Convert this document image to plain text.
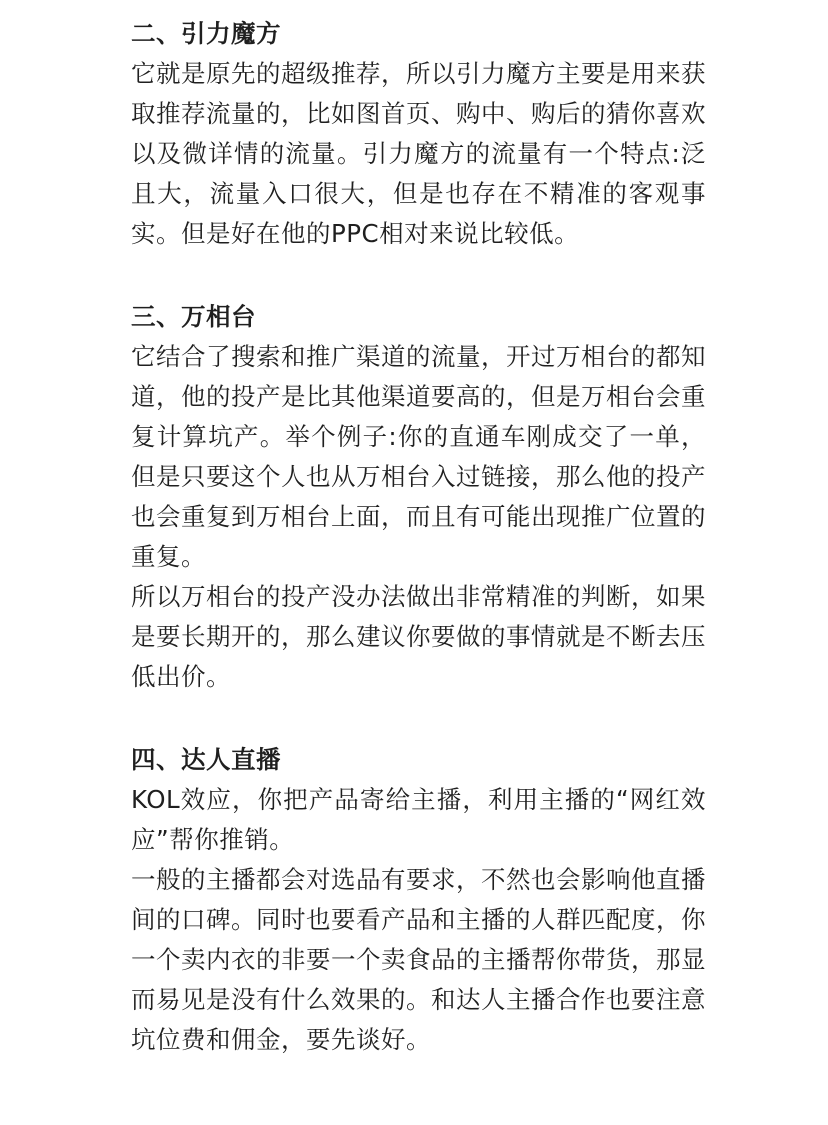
二、引力魔方

它就是原先的超级推荐，所以引力魔方主要是用来获取推荐流量的，比如图首页、购中、购后的猜你喜欢以及微详情的流量。引力魔方的流量有一个特点:泛且大，流量入口很大，但是也存在不精准的客观事实。但是好在他的PPC相对来说比较低。

三、万相台

它结合了搜索和推广渠道的流量，开过万相台的都知道，他的投产是比其他渠道要高的，但是万相台会重复计算坑产。举个例子:你的直通车刚成交了一单，但是只要这个人也从万相台入过链接，那么他的投产也会重复到万相台上面，而且有可能出现推广位置的重复。

所以万相台的投产没办法做出非常精准的判断，如果是要长期开的，那么建议你要做的事情就是不断去压低出价。

四、达人直播

KOL效应，你把产品寄给主播，利用主播的“网红效应”帮你推销。

一般的主播都会对选品有要求，不然也会影响他直播间的口碑。同时也要看产品和主播的人群匹配度，你一个卖内衣的非要一个卖食品的主播帮你带货，那显而易见是没有什么效果的。和达人主播合作也要注意坑位费和佣金，要先谈好。
